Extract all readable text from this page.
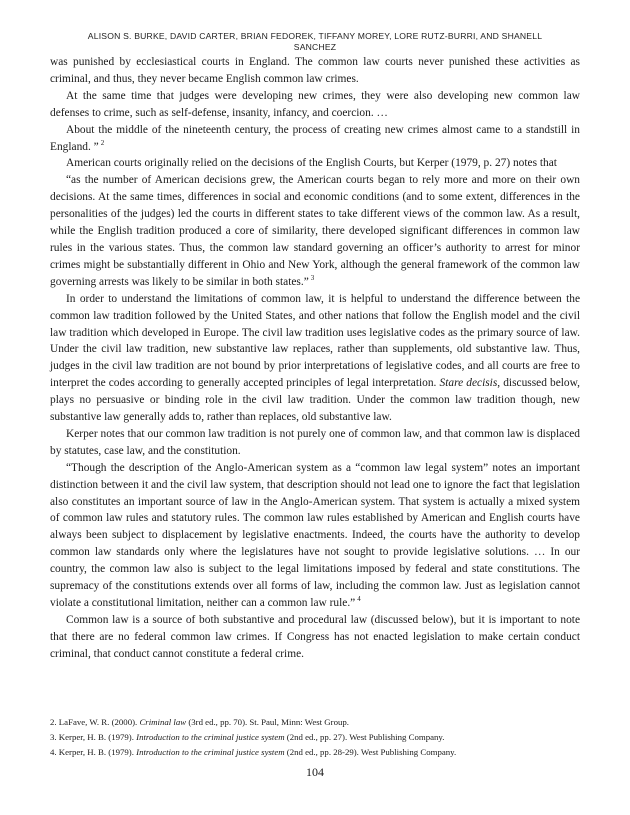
ALISON S. BURKE, DAVID CARTER, BRIAN FEDOREK, TIFFANY MOREY, LORE RUTZ-BURRI, AND SHANELL
SANCHEZ

was punished by ecclesiastical courts in England. The common law courts never punished these activities as criminal, and thus, they never became English common law crimes.

At the same time that judges were developing new crimes, they were also developing new common law defenses to crime, such as self-defense, insanity, infancy, and coercion. …

About the middle of the nineteenth century, the process of creating new crimes almost came to a standstill in England. ” $^2$

American courts originally relied on the decisions of the English Courts, but Kerper (1979, p. 27) notes that

“as the number of American decisions grew, the American courts began to rely more and more on their own decisions. At the same times, differences in social and economic conditions (and to some extent, differences in the personalities of the judges) led the courts in different states to take different views of the common law. As a result, while the English tradition produced a core of similarity, there developed significant differences in common law rules in the various states. Thus, the common law standard governing an officer’s authority to arrest for minor crimes might be substantially different in Ohio and New York, although the general framework of the common law governing arrests was likely to be similar in both states.” $^3$

In order to understand the limitations of common law, it is helpful to understand the difference between the common law tradition followed by the United States, and other nations that follow the English model and the civil law tradition which developed in Europe. The civil law tradition uses legislative codes as the primary source of law. Under the civil law tradition, new substantive law replaces, rather than supplements, old substantive law. Thus, judges in the civil law tradition are not bound by prior interpretations of legislative codes, and all courts are free to interpret the codes according to generally accepted principles of legal interpretation. Stare decisis, discussed below, plays no persuasive or binding role in the civil law tradition. Under the common law tradition though, new substantive law generally adds to, rather than replaces, old substantive law.

Kerper notes that our common law tradition is not purely one of common law, and that common law is displaced by statutes, case law, and the constitution.

“Though the description of the Anglo-American system as a “common law legal system” notes an important distinction between it and the civil law system, that description should not lead one to ignore the fact that legislation also constitutes an important source of law in the Anglo-American system. That system is actually a mixed system of common law rules and statutory rules. The common law rules established by American and English courts have always been subject to displacement by legislative enactments. Indeed, the courts have the authority to develop common law standards only where the legislatures have not sought to provide legislative solutions. … In our country, the common law also is subject to the legal limitations imposed by federal and state constitutions. The supremacy of the constitutions extends over all forms of law, including the common law. Just as legislation cannot violate a constitutional limitation, neither can a common law rule.” $^4$

Common law is a source of both substantive and procedural law (discussed below), but it is important to note that there are no federal common law crimes. If Congress has not enacted legislation to make certain conduct criminal, that conduct cannot constitute a federal crime.

2. LaFave, W. R. (2000). Criminal law (3rd ed., pp. 70). St. Paul, Minn: West Group.

3. Kerper, H. B. (1979). Introduction to the criminal justice system (2nd ed., pp. 27). West Publishing Company.

4. Kerper, H. B. (1979). Introduction to the criminal justice system (2nd ed., pp. 28-29). West Publishing Company.

104
